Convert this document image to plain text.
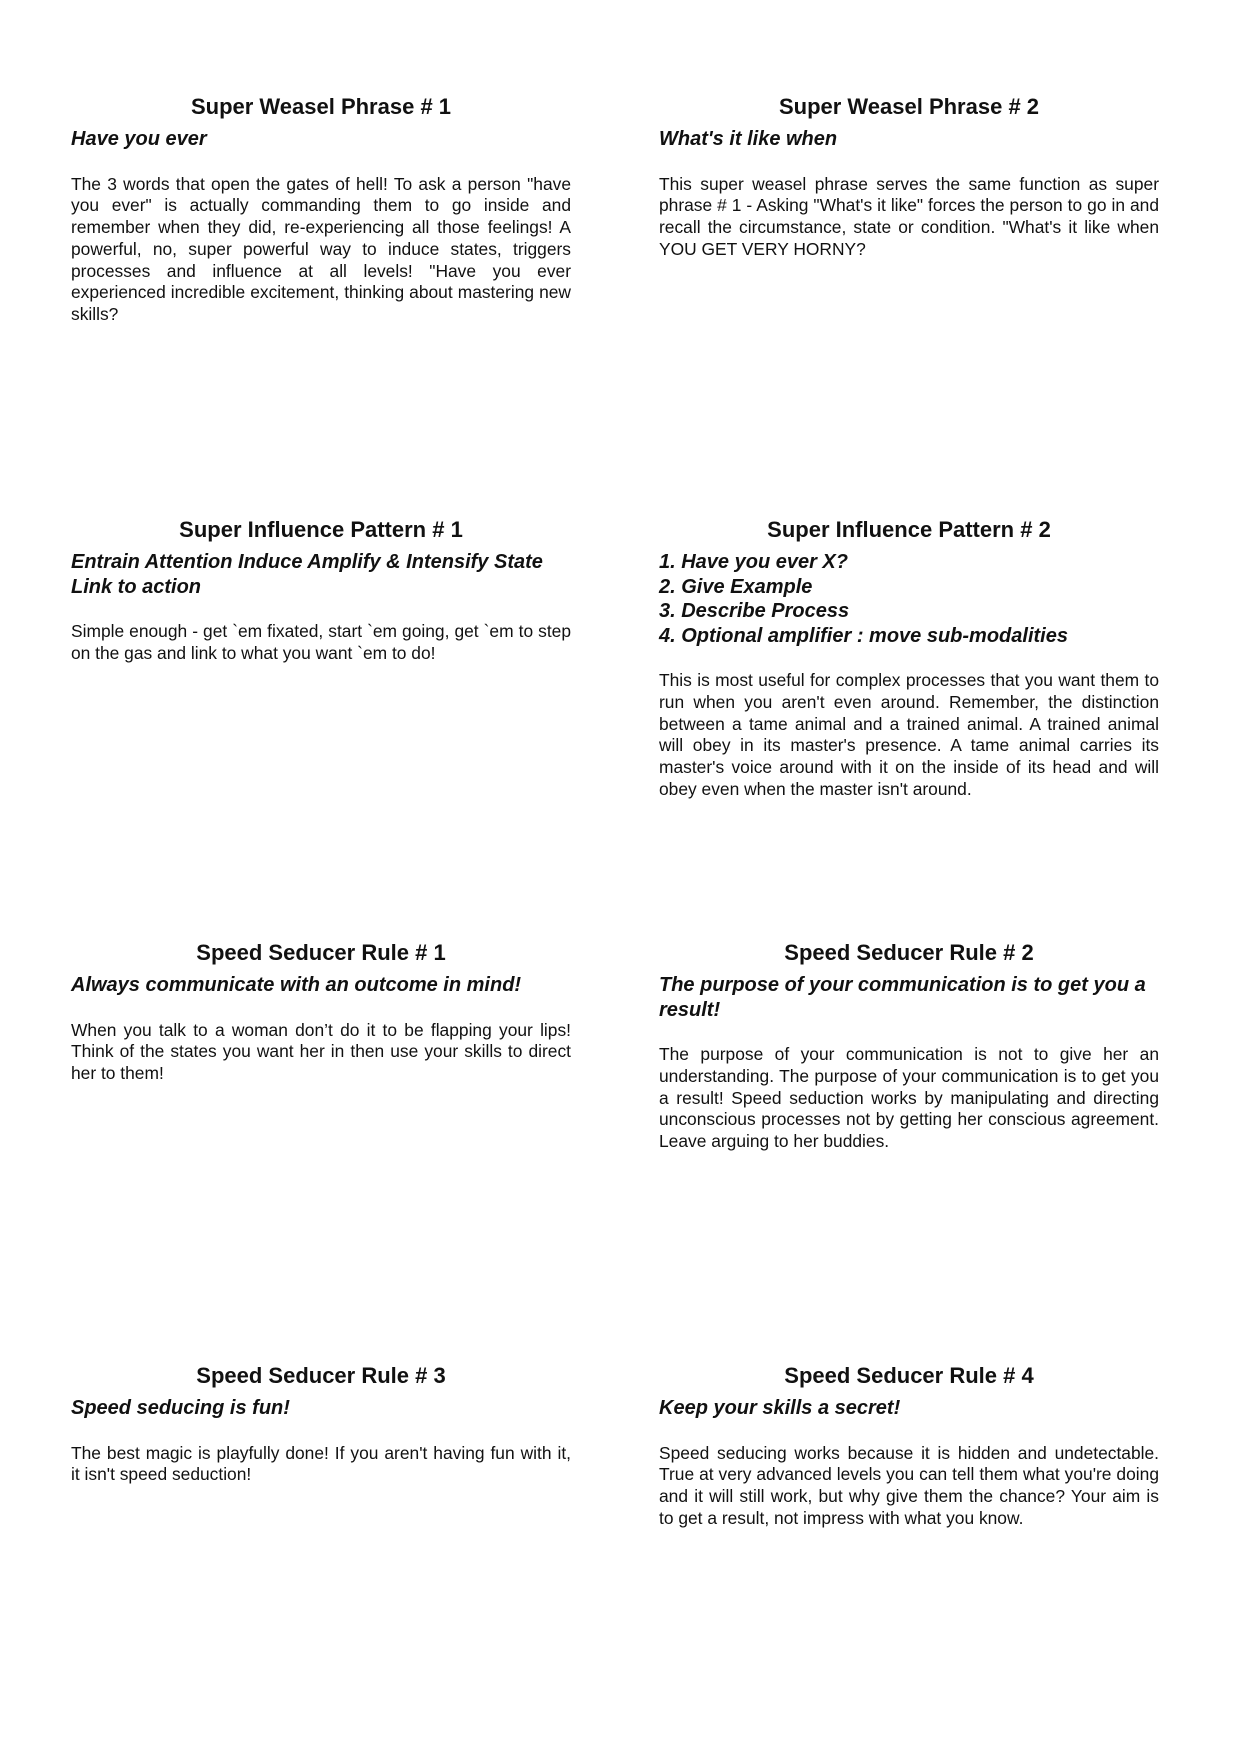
Super Weasel Phrase # 1

Have you ever

The 3 words that open the gates of hell! To ask a person "have you ever" is actually commanding them to go inside and remember when they did, re-experiencing all those feelings! A powerful, no, super powerful way to induce states, triggers processes and influence at all levels! "Have you ever experienced incredible excitement, thinking about mastering new skills?

Super Weasel Phrase # 2

What's it like when

This super weasel phrase serves the same function as super phrase # 1 - Asking "What's it like" forces the person to go in and recall the circumstance, state or condition. "What's it like when YOU GET VERY HORNY?

Super Influence Pattern # 1

Entrain Attention Induce Amplify & Intensify State Link to action

Simple enough - get `em fixated, start `em going, get `em to step on the gas and link to what you want `em to do!

Super Influence Pattern # 2
1. Have you ever X?
2. Give Example
3. Describe Process
4. Optional amplifier : move sub-modalities

This is most useful for complex processes that you want them to run when you aren't even around. Remember, the distinction between a tame animal and a trained animal. A trained animal will obey in its master's presence. A tame animal carries its master's voice around with it on the inside of its head and will obey even when the master isn't around.

Speed Seducer Rule # 1

Always communicate with an outcome in mind!

When you talk to a woman don’t do it to be flapping your lips! Think of the states you want her in then use your skills to direct her to them!

Speed Seducer Rule # 2

The purpose of your communication is to get you a result!

The purpose of your communication is not to give her an understanding. The purpose of your communication is to get you a result! Speed seduction works by manipulating and directing unconscious processes not by getting her conscious agreement. Leave arguing to her buddies.

Speed Seducer Rule # 3

Speed seducing is fun!

The best magic is playfully done! If you aren't having fun with it, it isn't speed seduction!

Speed Seducer Rule # 4

Keep your skills a secret!

Speed seducing works because it is hidden and undetectable. True at very advanced levels you can tell them what you're doing and it will still work, but why give them the chance? Your aim is to get a result, not impress with what you know.
